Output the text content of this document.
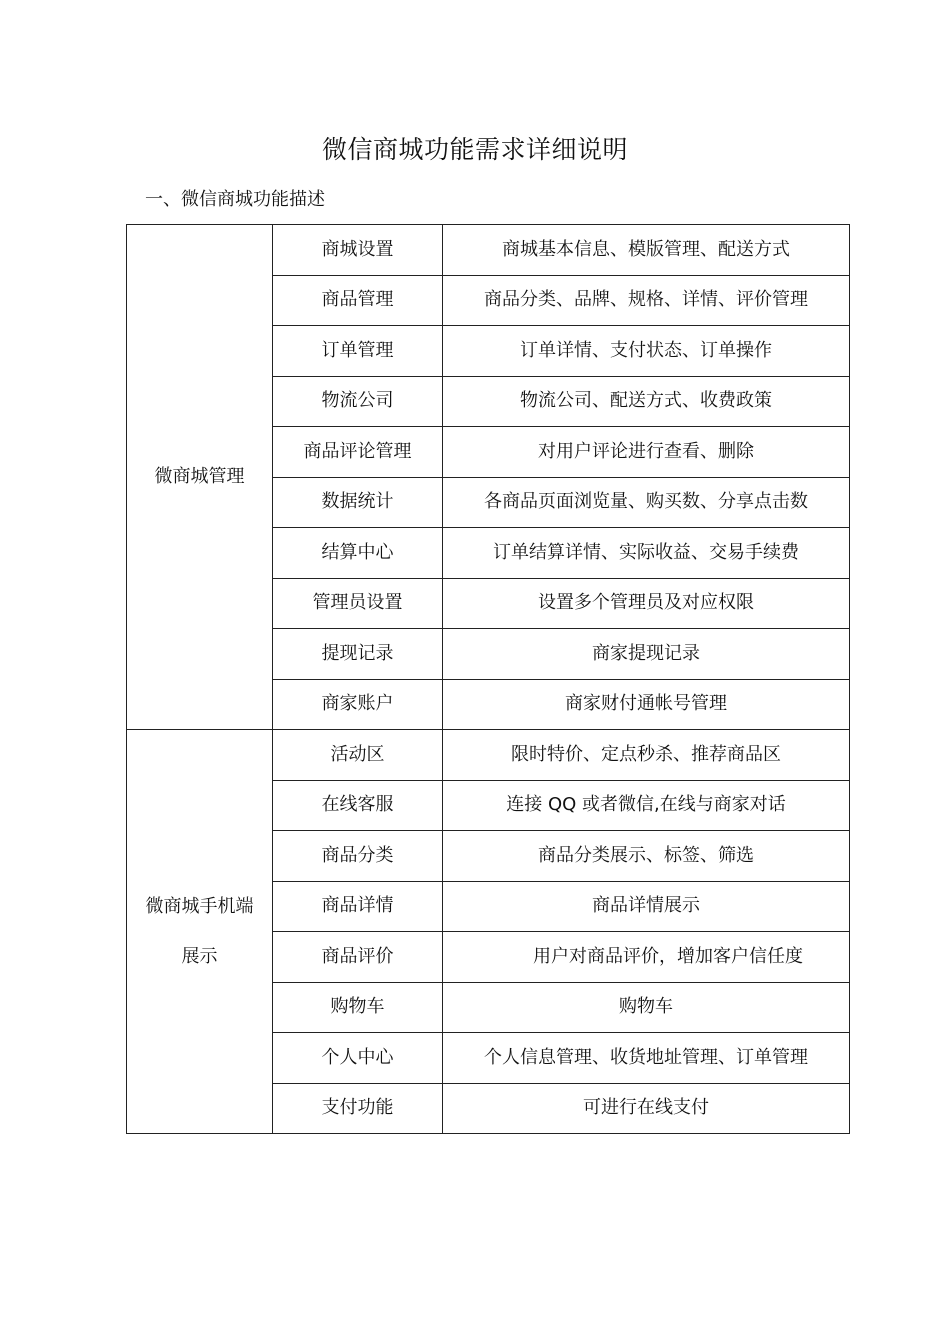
微信商城功能需求详细说明
一、微信商城功能描述
微商城管理	商城设置	商城基本信息、模版管理、配送方式
	商品管理	商品分类、品牌、规格、详情、评价管理
	订单管理	订单详情、支付状态、订单操作
	物流公司	物流公司、配送方式、收费政策
	商品评论管理	对用户评论进行查看、删除
	数据统计	各商品页面浏览量、购买数、分享点击数
	结算中心	订单结算详情、实际收益、交易手续费
	管理员设置	设置多个管理员及对应权限
	提现记录	商家提现记录
	商家账户	商家财付通帐号管理

微商城手机端
展示	活动区	限时特价、定点秒杀、推荐商品区
	在线客服	连接 QQ 或者微信,在线与商家对话
	商品分类	商品分类展示、标签、筛选
	商品详情	商品详情展示
	商品评价	用户对商品评价，增加客户信任度
	购物车	购物车
	个人中心	个人信息管理、收货地址管理、订单管理
	支付功能	可进行在线支付
